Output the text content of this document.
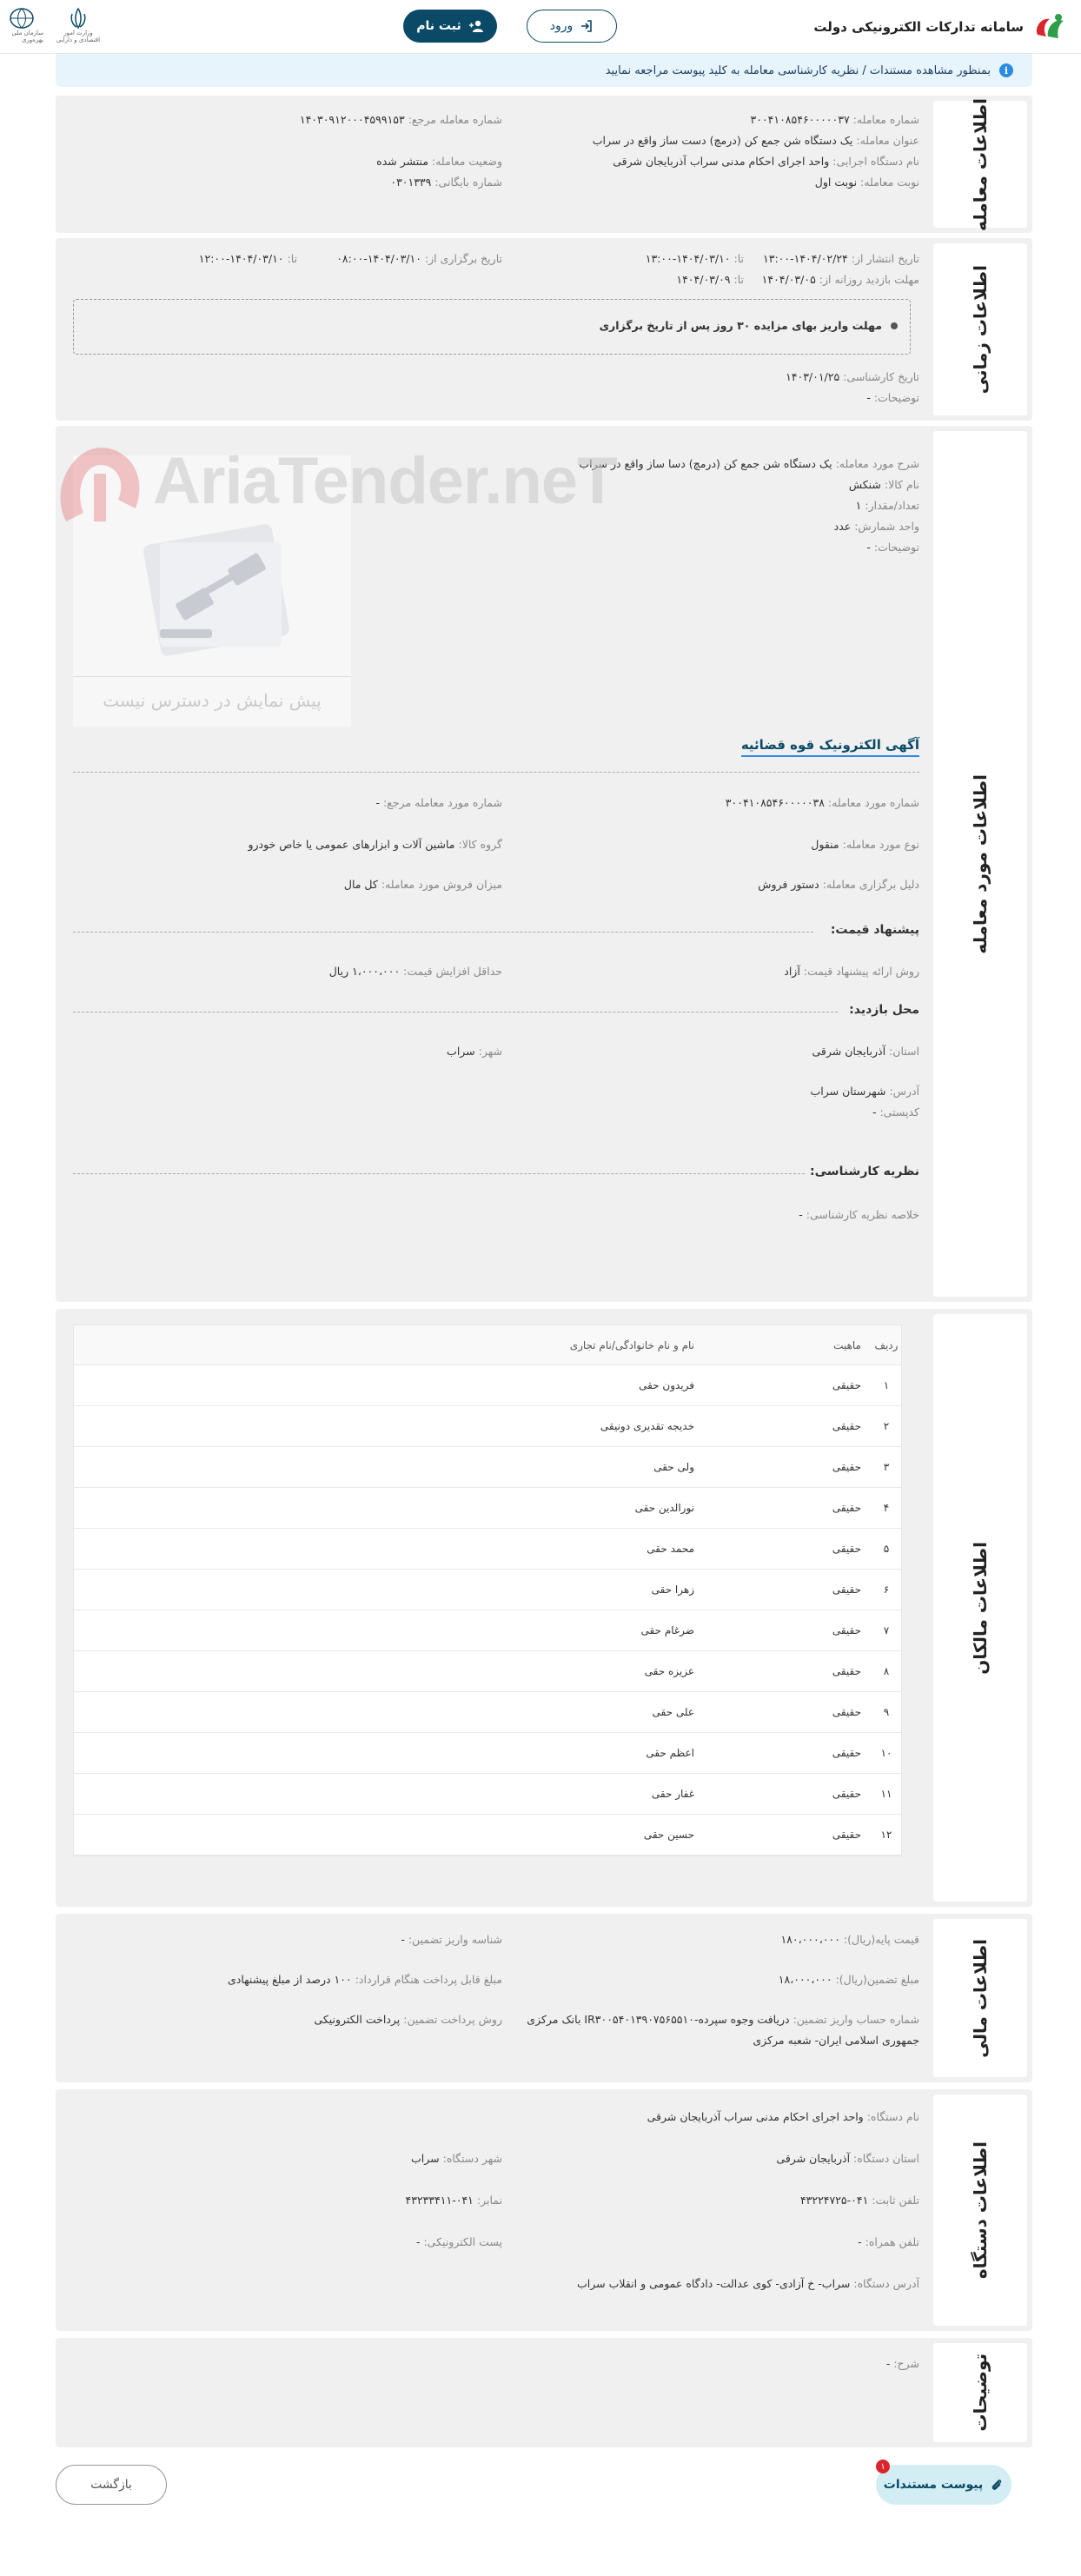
سامانه تدارکات الکترونیکی دولت
ورود
ثبت نام
وزارت امور اقتصادی و دارایی
سازمان ملی بهره‌وری
i
بمنظور مشاهده مستندات / نظریه کارشناسی معامله به کلید پیوست مراجعه نمایید
اطلاعات معامله
شماره معامله: ۳۰۰۴۱۰۸۵۴۶۰۰۰۰۰۳۷
شماره معامله مرجع: ۱۴۰۳۰۹۱۲۰۰۰۴۵۹۹۱۵۳
عنوان معامله: یک دستگاه شن جمع کن (درمچ) دست ساز واقع در سراب
نام دستگاه اجرایی: واحد اجرای احکام مدنی سراب آذربایجان شرقی
وضعیت معامله: منتشر شده
نوبت معامله: نوبت اول
شماره بایگانی: ۰۳۰۱۳۳۹
اطلاعات زمانی
تاریخ انتشار از: ۱۴۰۴/۰۲/۲۴-۱۳:۰۰
تا: ۱۴۰۴/۰۳/۱۰-۱۳:۰۰
تاریخ برگزاری از: ۱۴۰۴/۰۳/۱۰-۰۸:۰۰
تا: ۱۴۰۴/۰۳/۱۰-۱۲:۰۰
مهلت بازدید روزانه از: ۱۴۰۴/۰۳/۰۵
تا: ۱۴۰۴/۰۳/۰۹
مهلت واریز بهای مزایده ۳۰ روز پس از تاریخ برگزاری
تاریخ کارشناسی: ۱۴۰۳/۰۱/۲۵
توضیحات: -
اطلاعات مورد معامله
شرح مورد معامله: یک دستگاه شن جمع کن (درمچ) دسا ساز واقع در سراب
نام کالا: شنکش
تعداد/مقدار: ۱
واحد شمارش: عدد
توضیحات: -
آگهی الکترونیک قوه قضائیه
شماره مورد معامله: ۳۰۰۴۱۰۸۵۴۶۰۰۰۰۰۳۸
شماره مورد معامله مرجع: -
نوع مورد معامله: منقول
گروه کالا: ماشین آلات و ابزارهای عمومی یا خاص خودرو
دلیل برگزاری معامله: دستور فروش
میزان فروش مورد معامله: کل مال
پیشنهاد قیمت:
روش ارائه پیشنهاد قیمت: آزاد
حداقل افزایش قیمت: ۱،۰۰۰،۰۰۰ ریال
محل بازدید:
استان: آذربایجان شرقی
شهر: سراب
آدرس: شهرستان سراب
کدپستی: -
نظریه کارشناسی:
خلاصه نظریه کارشناسی: -
پیش نمایش در دسترس نیست
AriaTender.neT
اطلاعات مالکان
ردیف
ماهیت
نام و نام خانوادگی/نام تجاری
۱
حقیقی
فریدون حقی
۲
حقیقی
خدیجه تقدیری دونیقی
۳
حقیقی
ولی حقی
۴
حقیقی
نورالدین حقی
۵
حقیقی
محمد حقی
۶
حقیقی
زهرا حقی
۷
حقیقی
ضرغام حقی
۸
حقیقی
عزیزه حقی
۹
حقیقی
علی حقی
۱۰
حقیقی
اعظم حقی
۱۱
حقیقی
غفار حقی
۱۲
حقیقی
حسین حقی
اطلاعات مالی
قیمت پایه(ریال): ۱۸۰،۰۰۰،۰۰۰
شناسه واریز تضمین: -
مبلغ تضمین(ریال): ۱۸،۰۰۰،۰۰۰
مبلغ قابل پرداخت هنگام قرارداد: ۱۰۰ درصد از مبلغ پیشنهادی
شماره حساب واریز تضمین: دریافت وجوه سپرده-IR۳۰۰۵۴۰۱۳۹۰۷۵۶۵۵۱۰ بانک مرکزی
جمهوری اسلامی ایران- شعبه مرکزی
روش پرداخت تضمین: پرداخت الکترونیکی
اطلاعات دستگاه
نام دستگاه: واحد اجرای احکام مدنی سراب آذربایجان شرقی
استان دستگاه: آذربایجان شرقی
شهر دستگاه: سراب
تلفن ثابت: ۰۴۱-۴۳۲۲۴۷۲۵
نمابر: ۰۴۱-۴۳۲۳۳۴۱۱
تلفن همراه: -
پست الکترونیکی: -
آدرس دستگاه: سراب- خ آزادی- کوی عدالت- دادگاه عمومی و انقلاب سراب
توضیحات
شرح: -
پیوست مستندات
۱
بازگشت
